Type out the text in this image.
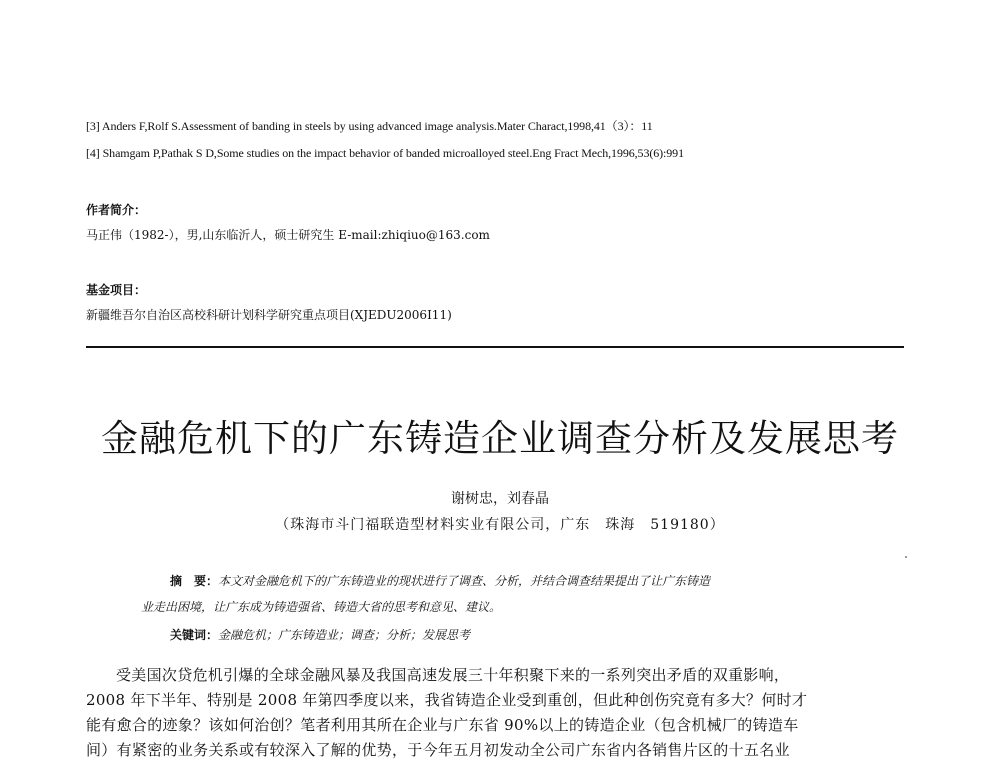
[3] Anders F,Rolf S.Assessment of banding in steels by using advanced image analysis.Mater Charact,1998,41（3）：11
[4] Shamgam P,Pathak S D,Some studies on the impact behavior of banded microalloyed steel.Eng Fract Mech,1996,53(6):991
作者简介：
马正伟（1982-），男,山东临沂人，硕士研究生 E-mail:zhiqiuo@163.com
基金项目：
新疆维吾尔自治区高校科研计划科学研究重点项目(XJEDU2006I11)
金融危机下的广东铸造企业调查分析及发展思考
谢树忠，刘春晶
（珠海市斗门福联造型材料实业有限公司，广东　珠海　519180）
摘　要：本文对金融危机下的广东铸造业的现状进行了调查、分析，并结合调查结果提出了让广东铸造
业走出困境，让广东成为铸造强省、铸造大省的思考和意见、建议。
关键词：金融危机；广东铸造业；调查；分析；发展思考
受美国次贷危机引爆的全球金融风暴及我国高速发展三十年积聚下来的一系列突出矛盾的双重影响，
2008 年下半年、特别是 2008 年第四季度以来，我省铸造企业受到重创，但此种创伤究竟有多大？何时才
能有愈合的迹象？该如何治创？笔者利用其所在企业与广东省 90%以上的铸造企业（包含机械厂的铸造车
间）有紧密的业务关系或有较深入了解的优势，于今年五月初发动全公司广东省内各销售片区的十五名业
